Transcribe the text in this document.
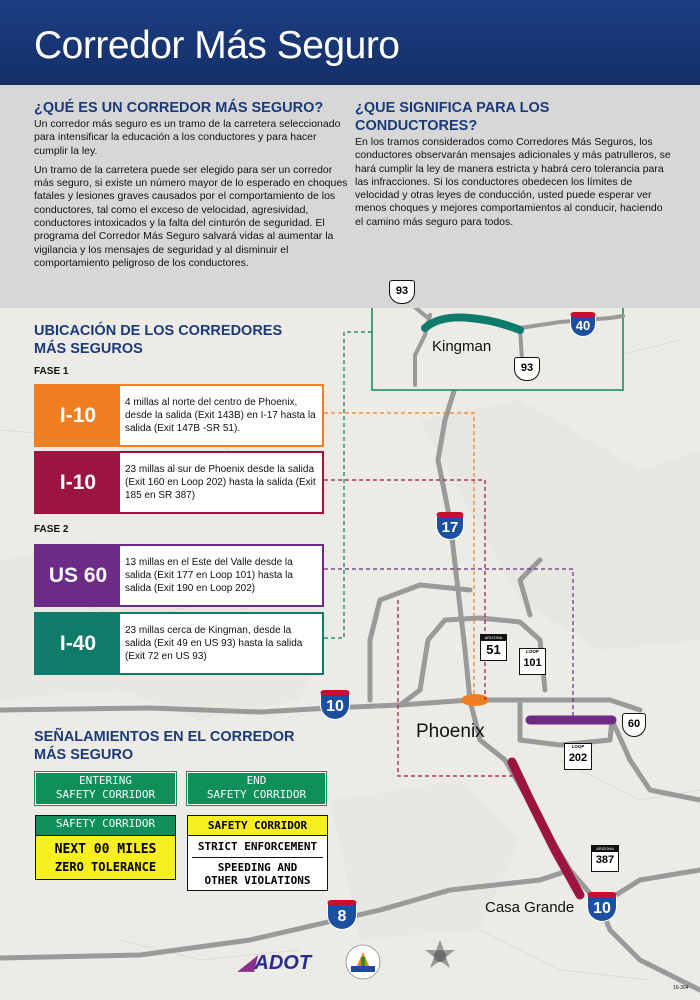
Corredor Más Seguro
¿QUÉ ES UN CORREDOR MÁS SEGURO?

Un corredor más seguro es un tramo de la carretera seleccionado para intensificar la educación a los conductores y para hacer cumplir la ley.

Un tramo de la carretera puede ser elegido para ser un corredor más seguro, si existe un número mayor de lo esperado en choques fatales y lesiones graves causados por el comportamiento de los conductores, tal como el exceso de velocidad, agresividad, conductores intoxicados y la falta del cinturón de seguridad. El programa del Corredor Más Seguro salvará vidas al aumentar la vigilancia y los mensajes de seguridad y al disminuir el comportamiento peligroso de los conductores.

¿QUE SIGNIFICA PARA LOS CONDUCTORES?

En los tramos considerados como Corredores Más Seguros, los conductores observarán mensajes adicionales y más patrulleros, se hará cumplir la ley de manera estricta y habrá cero tolerancia para las infracciones. Si los conductores obedecen los límites de velocidad y otras leyes de conducción, usted puede esperar ver menos choques y mejores comportamientos al conducir, haciendo el camino más seguro para todos.

UBICACIÓN DE LOS CORREDORES
MÁS SEGUROS
FASE 1
I-10
4 millas al norte del centro de Phoenix, desde la salida (Exit 143B) en I-17 hasta la salida (Exit 147B -SR 51).
I-10
23 millas al sur de Phoenix desde la salida (Exit 160 en Loop 202) hasta la salida (Exit 185 en SR 387)
FASE 2
US 60
13 millas en el Este del Valle desde la salida (Exit 177 en Loop 101) hasta la salida (Exit 190 en Loop 202)
I-40
23 millas cerca de Kingman, desde la salida (Exit 49 en US 93) hasta la salida (Exit 72 en US 93)
SEÑALAMIENTOS EN EL CORREDOR
MÁS SEGURO
ENTERING
SAFETY CORRIDOR
END
SAFETY CORRIDOR
SAFETY CORRIDOR
NEXT 00 MILES
ZERO TOLERANCE
SAFETY CORRIDOR
STRICT ENFORCEMENT
SPEEDING AND
OTHER VIOLATIONS
Kingman
Phoenix
Casa Grande
93
93
60
40
17
10
10
8
ARIZONA
51	LOOP
101
LOOP
202
ARIZONA
387
◢ADOT
16-304
